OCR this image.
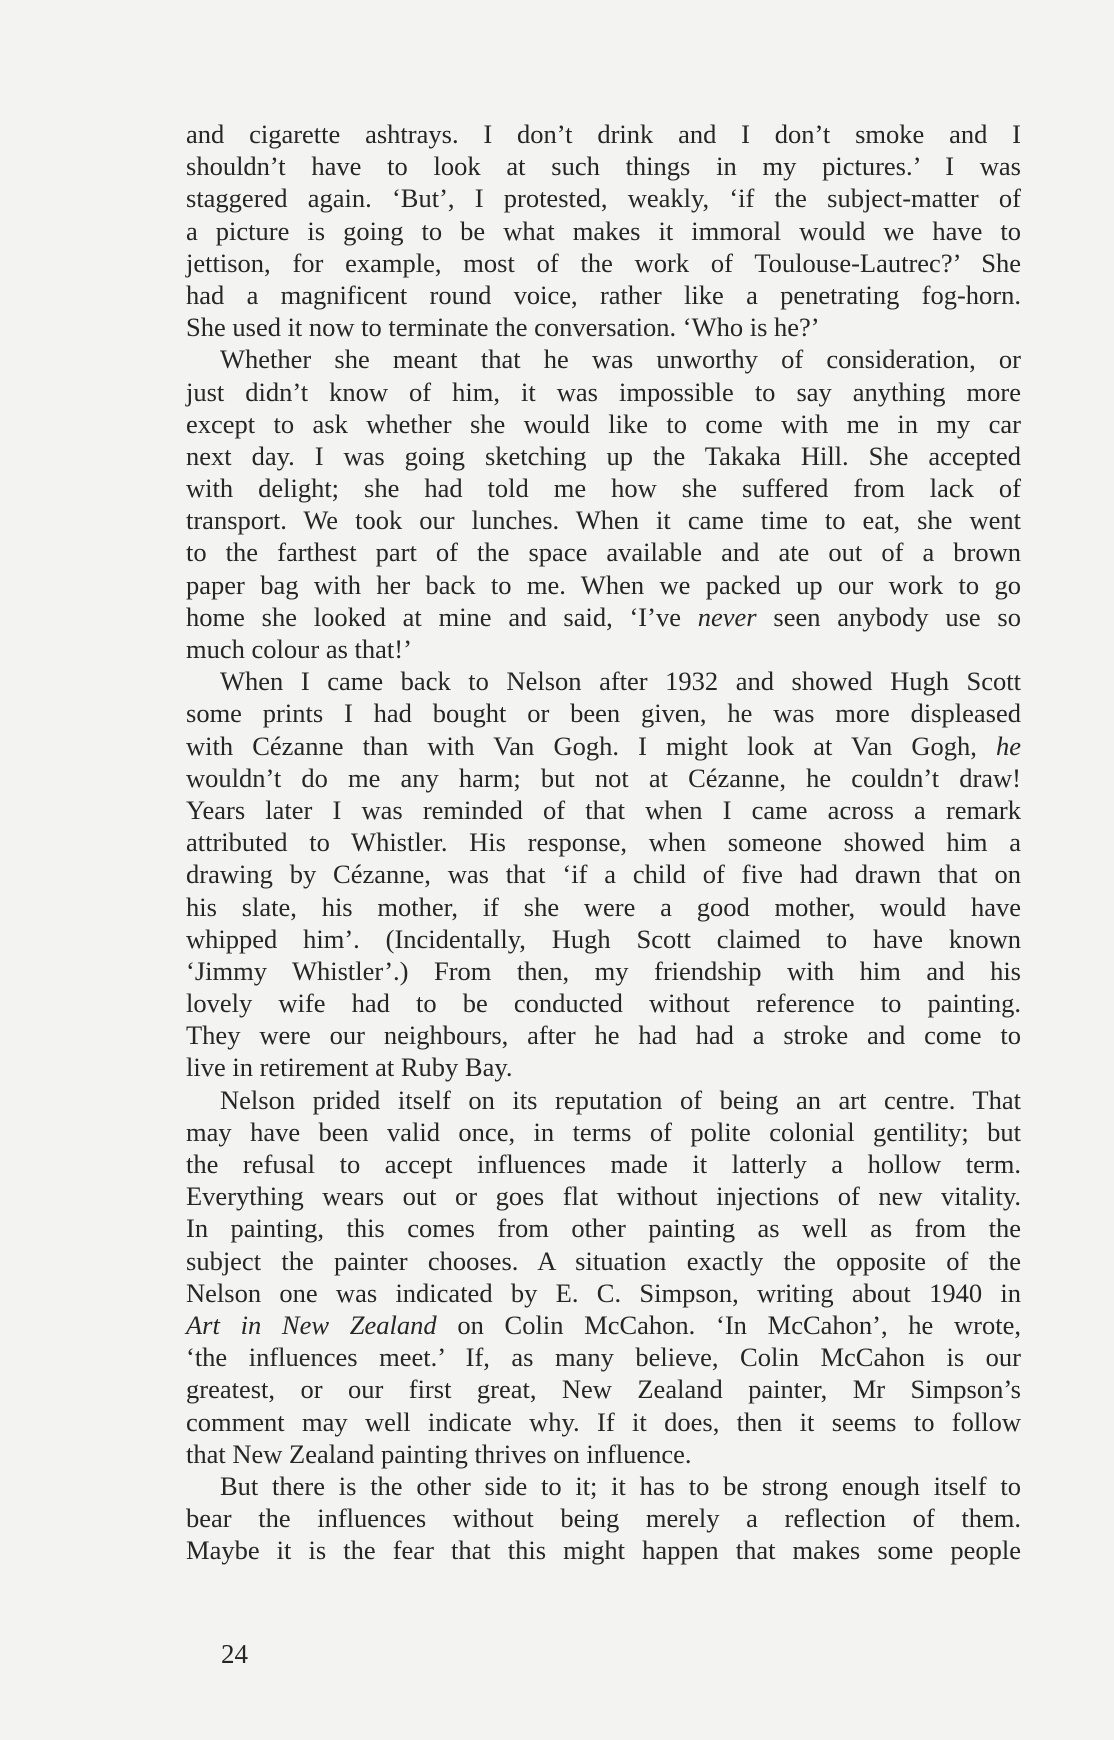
and cigarette ashtrays. I don’t drink and I don’t smoke and I
shouldn’t have to look at such things in my pictures.’ I was
staggered again. ‘But’, I protested, weakly, ‘if the subject-matter of
a picture is going to be what makes it immoral would we have to
jettison, for example, most of the work of Toulouse-Lautrec?’ She
had a magnificent round voice, rather like a penetrating fog-horn.
She used it now to terminate the conversation. ‘Who is he?’
Whether she meant that he was unworthy of consideration, or
just didn’t know of him, it was impossible to say anything more
except to ask whether she would like to come with me in my car
next day. I was going sketching up the Takaka Hill. She accepted
with delight; she had told me how she suffered from lack of
transport. We took our lunches. When it came time to eat, she went
to the farthest part of the space available and ate out of a brown
paper bag with her back to me. When we packed up our work to go
home she looked at mine and said, ‘I’ve never seen anybody use so
much colour as that!’
When I came back to Nelson after 1932 and showed Hugh Scott
some prints I had bought or been given, he was more displeased
with Cézanne than with Van Gogh. I might look at Van Gogh, he
wouldn’t do me any harm; but not at Cézanne, he couldn’t draw!
Years later I was reminded of that when I came across a remark
attributed to Whistler. His response, when someone showed him a
drawing by Cézanne, was that ‘if a child of five had drawn that on
his slate, his mother, if she were a good mother, would have
whipped him’. (Incidentally, Hugh Scott claimed to have known
‘Jimmy Whistler’.) From then, my friendship with him and his
lovely wife had to be conducted without reference to painting.
They were our neighbours, after he had had a stroke and come to
live in retirement at Ruby Bay.
Nelson prided itself on its reputation of being an art centre. That
may have been valid once, in terms of polite colonial gentility; but
the refusal to accept influences made it latterly a hollow term.
Everything wears out or goes flat without injections of new vitality.
In painting, this comes from other painting as well as from the
subject the painter chooses. A situation exactly the opposite of the
Nelson one was indicated by E. C. Simpson, writing about 1940 in
Art in New Zealand on Colin McCahon. ‘In McCahon’, he wrote,
‘the influences meet.’ If, as many believe, Colin McCahon is our
greatest, or our first great, New Zealand painter, Mr Simpson’s
comment may well indicate why. If it does, then it seems to follow
that New Zealand painting thrives on influence.
But there is the other side to it; it has to be strong enough itself to
bear the influences without being merely a reflection of them.
Maybe it is the fear that this might happen that makes some people
24
